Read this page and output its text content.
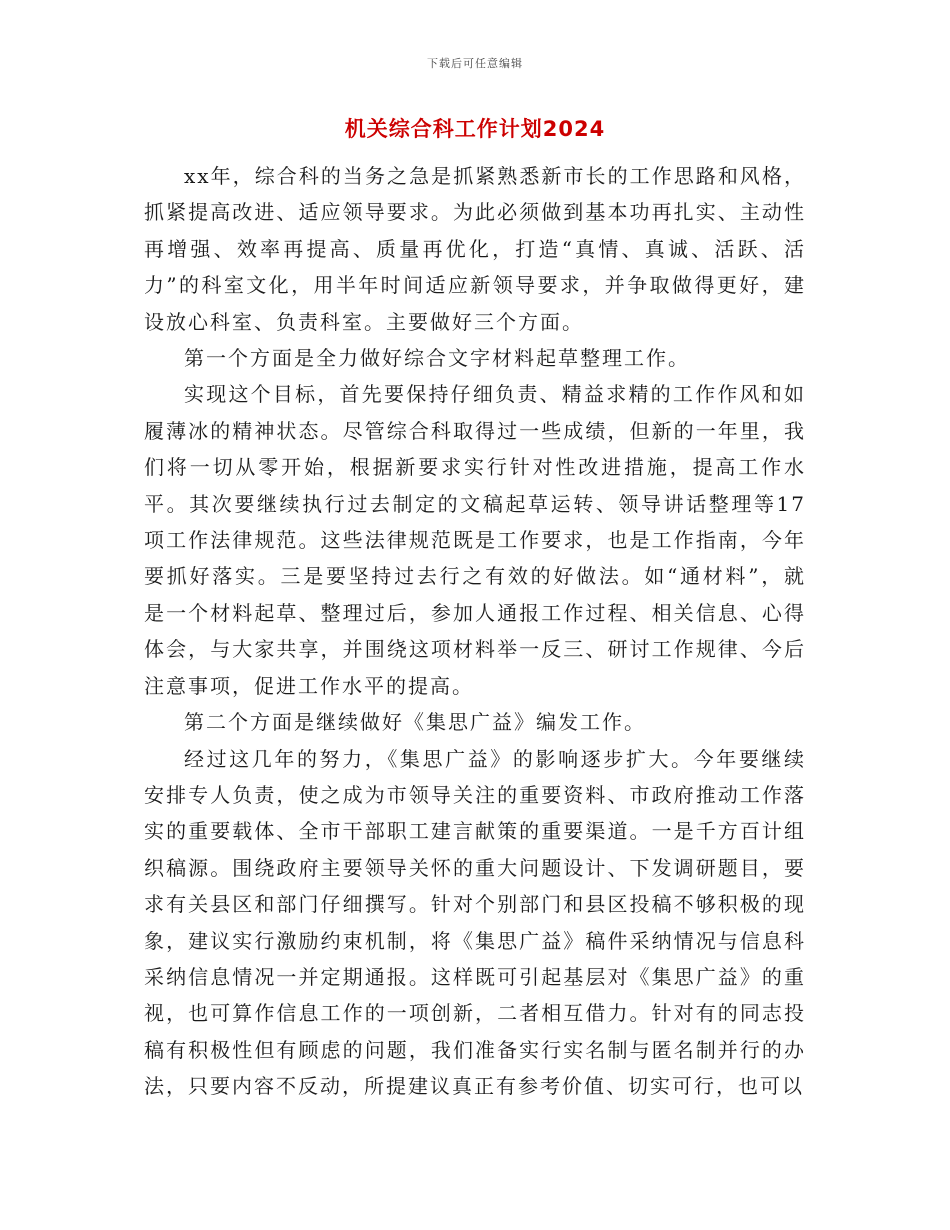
下载后可任意编辑
机关综合科工作计划2024

xx年，综合科的当务之急是抓紧熟悉新市长的工作思路和风格，抓紧提高改进、适应领导要求。为此必须做到基本功再扎实、主动性再增强、效率再提高、质量再优化，打造“真情、真诚、活跃、活力”的科室文化，用半年时间适应新领导要求，并争取做得更好，建设放心科室、负责科室。主要做好三个方面。

第一个方面是全力做好综合文字材料起草整理工作。

实现这个目标，首先要保持仔细负责、精益求精的工作作风和如履薄冰的精神状态。尽管综合科取得过一些成绩，但新的一年里，我们将一切从零开始，根据新要求实行针对性改进措施，提高工作水平。其次要继续执行过去制定的文稿起草运转、领导讲话整理等17项工作法律规范。这些法律规范既是工作要求，也是工作指南，今年要抓好落实。三是要坚持过去行之有效的好做法。如“通材料”，就是一个材料起草、整理过后，参加人通报工作过程、相关信息、心得体会，与大家共享，并围绕这项材料举一反三、研讨工作规律、今后注意事项，促进工作水平的提高。

第二个方面是继续做好《集思广益》编发工作。

经过这几年的努力，《集思广益》的影响逐步扩大。今年要继续安排专人负责，使之成为市领导关注的重要资料、市政府推动工作落实的重要载体、全市干部职工建言献策的重要渠道。一是千方百计组织稿源。围绕政府主要领导关怀的重大问题设计、下发调研题目，要求有关县区和部门仔细撰写。针对个别部门和县区投稿不够积极的现象，建议实行激励约束机制，将《集思广益》稿件采纳情况与信息科采纳信息情况一并定期通报。这样既可引起基层对《集思广益》的重视，也可算作信息工作的一项创新，二者相互借力。针对有的同志投稿有积极性但有顾虑的问题，我们准备实行实名制与匿名制并行的办法，只要内容不反动，所提建议真正有参考价值、切实可行，也可以
